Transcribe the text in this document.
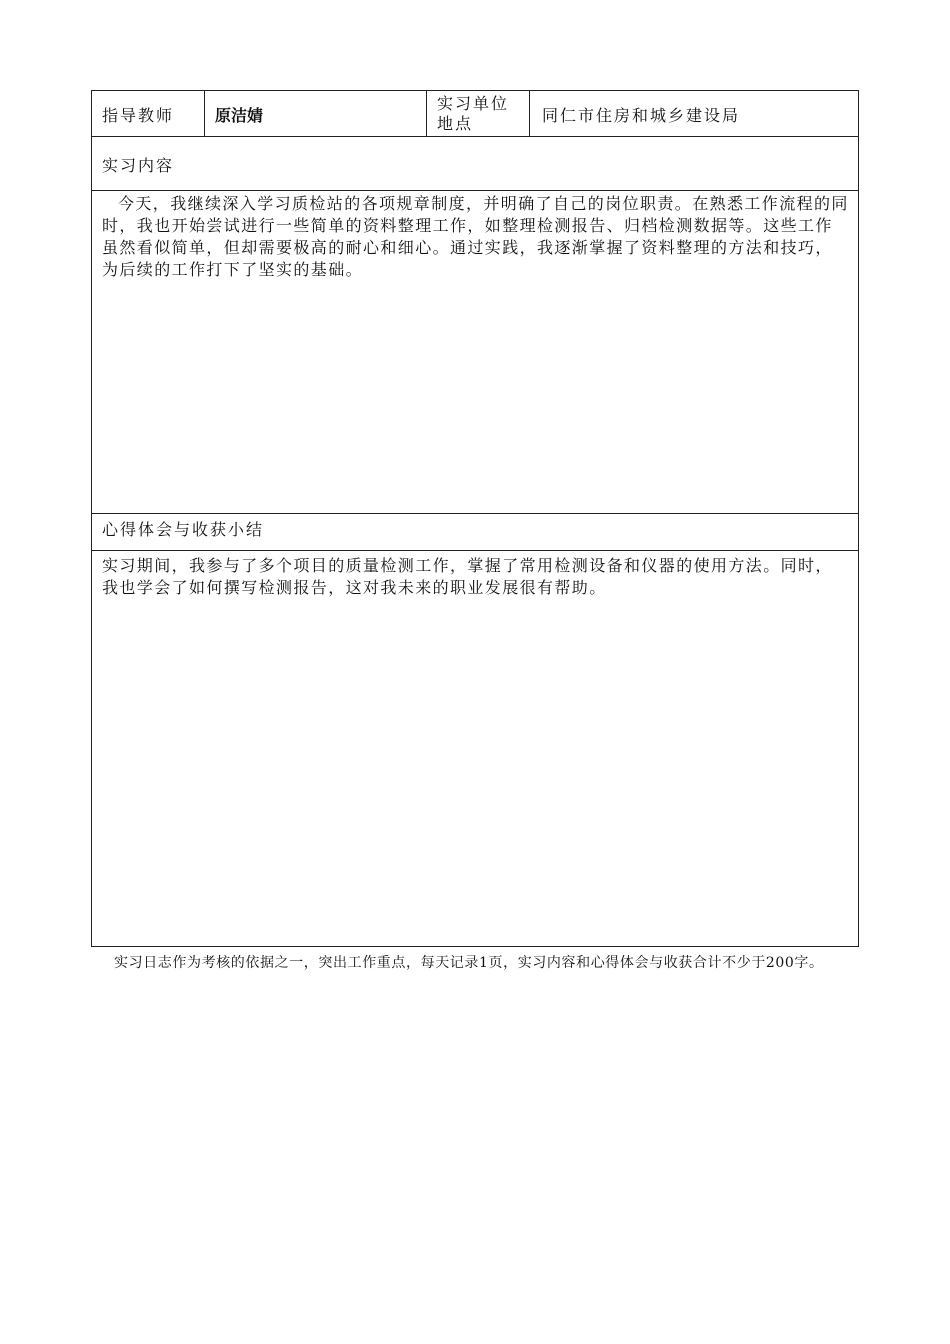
指导教师	原洁婧
实习单位
地点	同仁市住房和城乡建设局
实习内容
今天，我继续深入学习质检站的各项规章制度，并明确了自己的岗位职责。在熟悉工作流程的同时，我也开始尝试进行一些简单的资料整理工作，如整理检测报告、归档检测数据等。这些工作虽然看似简单，但却需要极高的耐心和细心。通过实践，我逐渐掌握了资料整理的方法和技巧，为后续的工作打下了坚实的基础。
心得体会与收获小结
实习期间，我参与了多个项目的质量检测工作，掌握了常用检测设备和仪器的使用方法。同时，我也学会了如何撰写检测报告，这对我未来的职业发展很有帮助。
实习日志作为考核的依据之一，突出工作重点，每天记录1页，实习内容和心得体会与收获合计不少于200字。
